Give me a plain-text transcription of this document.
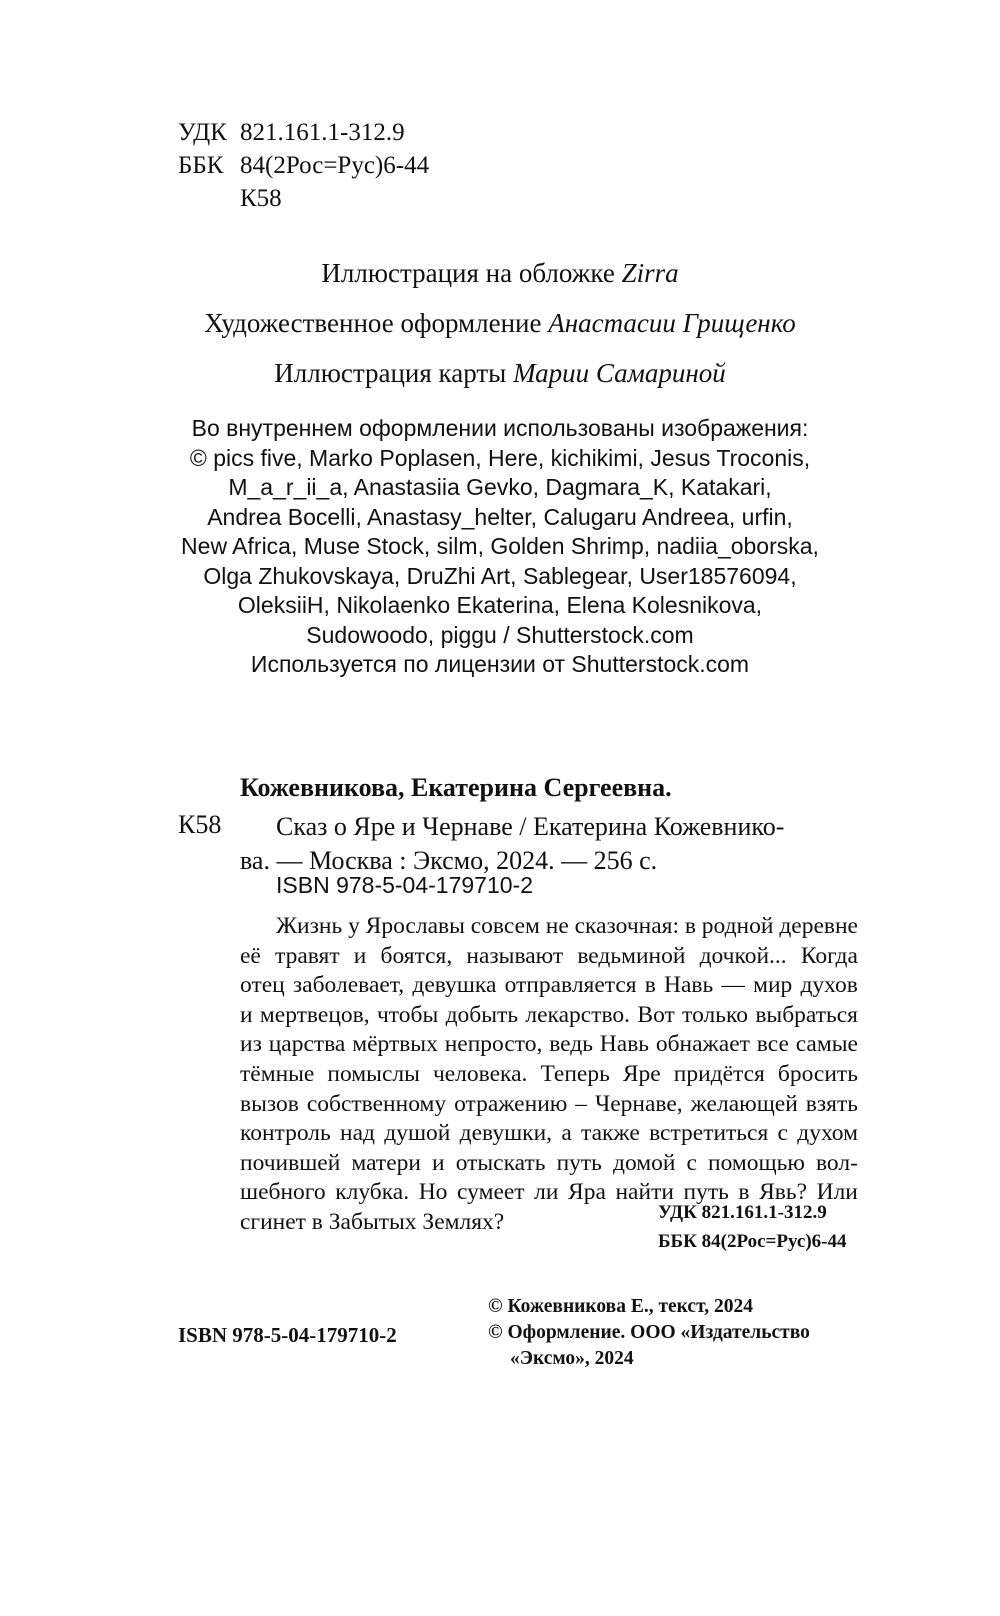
УДК 821.161.1-312.9
ББК 84(2Рос=Рус)6-44
К58
Иллюстрация на обложке Zirra
Художественное оформление Анастасии Грищенко
Иллюстрация карты Марии Самариной
Во внутреннем оформлении использованы изображения:
© pics five, Marko Poplasen, Here, kichikimi, Jesus Troconis,
M_a_r_ii_a, Anastasiia Gevko, Dagmara_K, Katakari,
Andrea Bocelli, Anastasy_helter, Calugaru Andreea, urfin,
New Africa, Muse Stock, silm, Golden Shrimp, nadiia_oborska,
Olga Zhukovskaya, DruZhi Art, Sablegear, User18576094,
OleksiiH, Nikolaenko Ekaterina, Elena Kolesnikova,
Sudowoodo, piggu / Shutterstock.com
Используется по лицензии от Shutterstock.com
Кожевникова, Екатерина Сергеевна.
К58	Сказ о Яре и Чернаве / Екатерина Кожевнико-
ва. — Москва : Эксмо, 2024. — 256 с.
ISBN 978-5-04-179710-2
Жизнь у Ярославы совсем не сказочная: в родной деревне
её травят и боятся, называют ведьминой дочкой... Когда
отец заболевает, девушка отправляется в Навь — мир духов
и мертвецов, чтобы добыть лекарство. Вот только выбраться
из царства мёртвых непросто, ведь Навь обнажает все самые
тёмные помыслы человека. Теперь Яре придётся бросить
вызов собственному отражению – Чернаве, желающей взять
контроль над душой девушки, а также встретиться с духом
почившей матери и отыскать путь домой с помощью вол-
шебного клубка. Но сумеет ли Яра найти путь в Явь? Или
сгинет в Забытых Землях?	УДК 821.161.1-312.9
ББК 84(2Рос=Рус)6-44
© Кожевникова Е., текст, 2024
© Оформление. ООО «Издательство
«Эксмо», 2024
ISBN 978-5-04-179710-2
